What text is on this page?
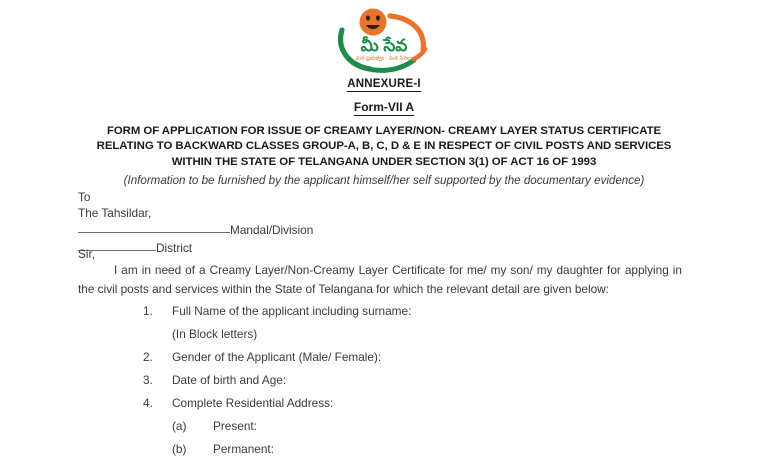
మీ సేవ
మన ప్రభుత్వం - మన సేవలు
ANNEXURE-I
Form-VII A
FORM OF APPLICATION FOR ISSUE OF CREAMY LAYER/NON- CREAMY LAYER STATUS CERTIFICATE
RELATING TO BACKWARD CLASSES GROUP-A, B, C, D & E IN RESPECT OF CIVIL POSTS AND SERVICES
WITHIN THE STATE OF TELANGANA UNDER SECTION 3(1) OF ACT 16 OF 1993
(Information to be furnished by the applicant himself/her self supported by the documentary evidence)
To
The Tahsildar,
Mandal/Division
District
Sir,
I am in need of a Creamy Layer/Non-Creamy Layer Certificate for me/ my son/ my daughter for applying in the civil posts and services within the State of Telangana for which the relevant detail are given below:
1.	Full Name of the applicant including surname:
(In Block letters)
2.	Gender of the Applicant (Male/ Female):
3.	Date of birth and Age:
4.	Complete Residential Address:
(a)	Present:
(b)	Permanent:
